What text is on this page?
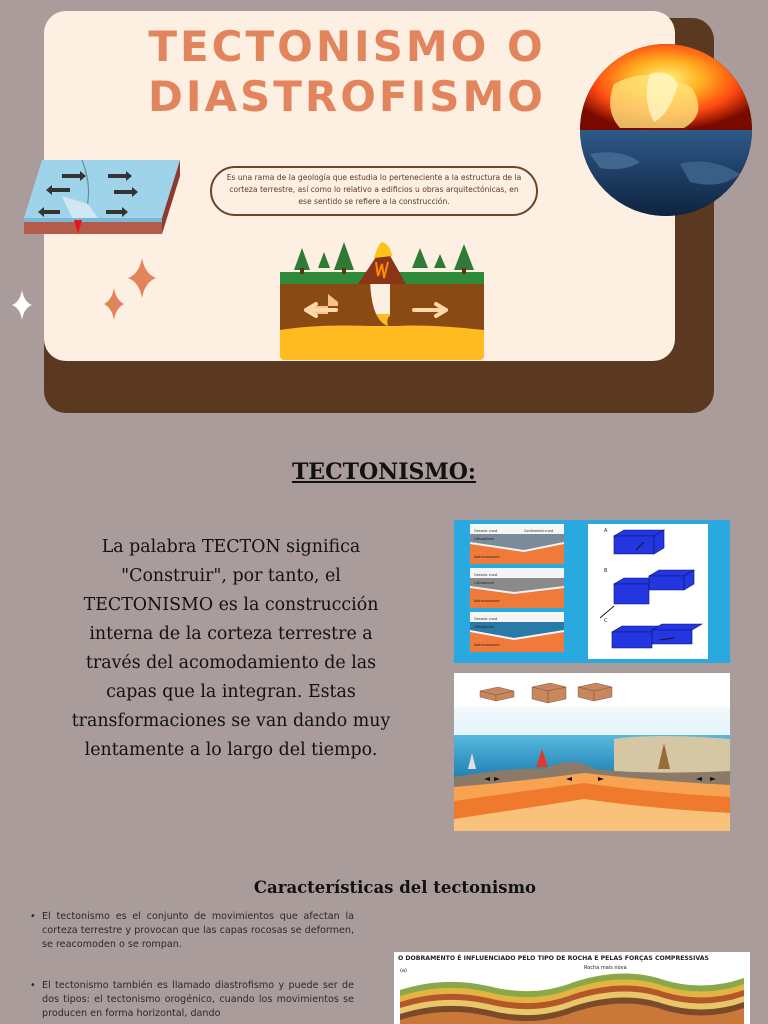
TECTONISMO O DIASTROFISMO
Es una rama de la geología que estudia lo perteneciente a la estructura de la corteza terrestre, así como lo relativo a edificios u obras arquitectónicas, en ese sentido se refiere a la construcción.
TECTONISMO:
La palabra TECTON significa "Construir", por tanto, el TECTONISMO es la construcción interna de la corteza terrestre a través del acomodamiento de las capas que la integran. Estas transformaciones se van dando muy lentamente a lo largo del tiempo.
Oceanic crust	Continental crust
Lithosphere
Asthenosphere
Oceanic crust
Lithosphere
Asthenosphere
Oceanic crust
Lithosphere
Asthenosphere
A
B
C
Características del tectonismo
• El tectonismo es el conjunto de movimientos que afectan la corteza terrestre y provocan que las capas rocosas se deformen, se reacomoden o se rompan.
• El tectonismo también es llamado diastrofismo y puede ser de dos tipos: el tectonismo orogénico, cuando los movimientos se producen en forma horizontal, dando
O DOBRAMENTO É INFLUENCIADO PELO TIPO DE ROCHA E PELAS FORÇAS COMPRESSIVAS
(a)	Rocha mais nova
